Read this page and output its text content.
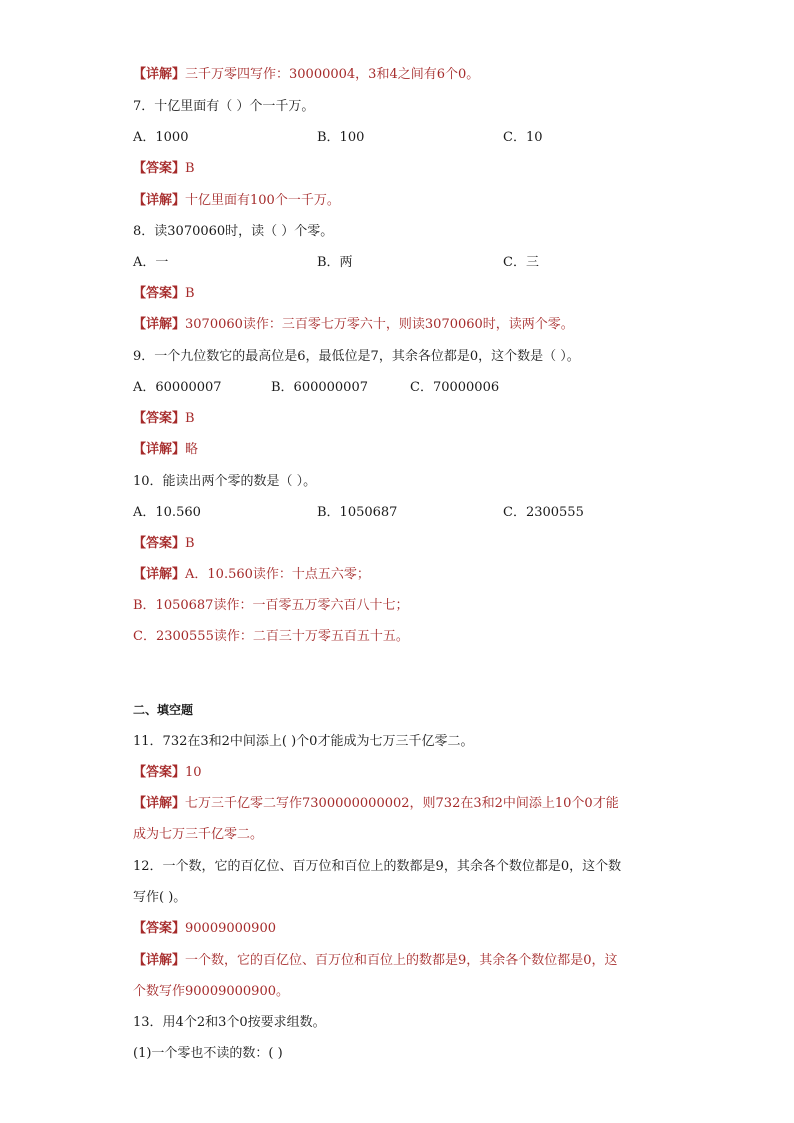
【详解】三千万零四写作：30000004，3和4之间有6个0。
7．十亿里面有（ ）个一千万。
A．1000	B．100	C．10
【答案】B
【详解】十亿里面有100个一千万。
8．读3070060时，读（ ）个零。
A．一	B．两	C．三
【答案】B
【详解】3070060读作：三百零七万零六十，则读3070060时，读两个零。
9．一个九位数它的最高位是6，最低位是7，其余各位都是0，这个数是（ ）。
A．60000007	B．600000007	C．70000006
【答案】B
【详解】略
10．能读出两个零的数是（ ）。
A．10.560	B．1050687	C．2300555
【答案】B
【详解】A．10.560读作：十点五六零；
B．1050687读作：一百零五万零六百八十七；
C．2300555读作：二百三十万零五百五十五。
二、填空题
11．732在3和2中间添上( )个0才能成为七万三千亿零二。
【答案】10
【详解】七万三千亿零二写作7300000000002，则732在3和2中间添上10个0才能
成为七万三千亿零二。
12．一个数，它的百亿位、百万位和百位上的数都是9，其余各个数位都是0，这个数
写作( )。
【答案】90009000900
【详解】一个数，它的百亿位、百万位和百位上的数都是9，其余各个数位都是0，这
个数写作90009000900。
13．用4个2和3个0按要求组数。
(1)一个零也不读的数：( )
